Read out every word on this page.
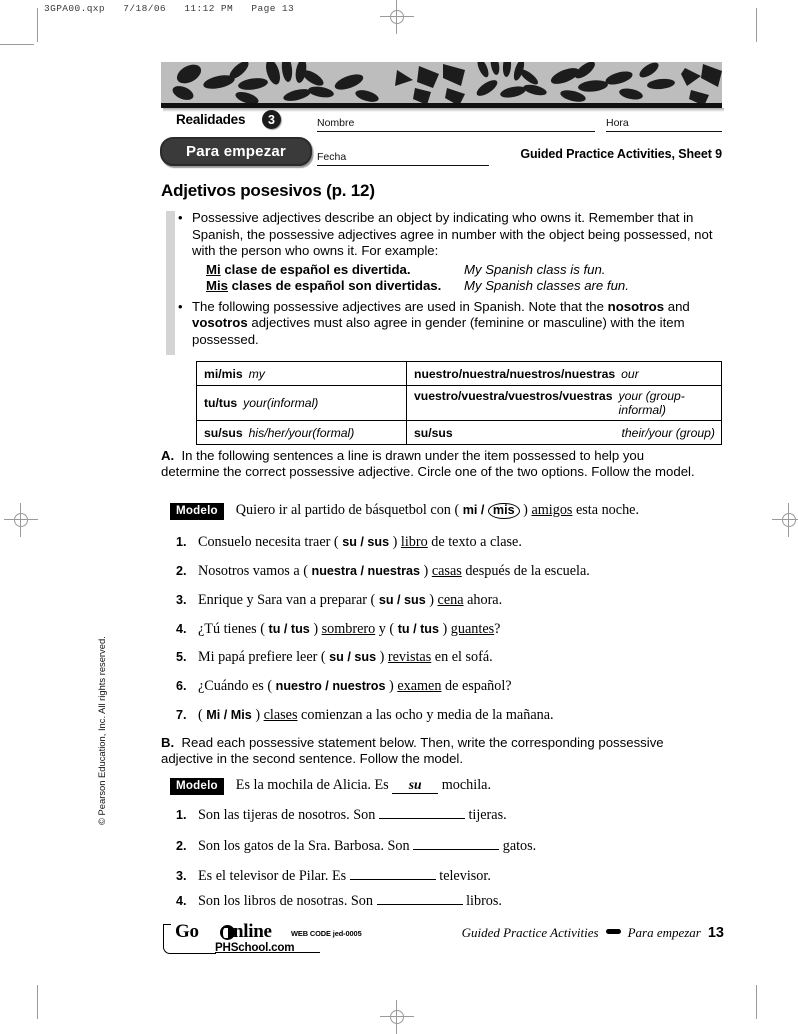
3GPA00.qxp   7/18/06   11:12 PM   Page 13
Realidades	3
Para empezar
Nombre	Hora
Fecha	Guided Practice Activities, Sheet 9
Adjetivos posesivos (p. 12)
• Possessive adjectives describe an object by indicating who owns it. Remember that in Spanish, the possessive adjectives agree in number with the object being possessed, not with the person who owns it. For example:
Mi clase de español es divertida.	My Spanish class is fun.
Mis clases de español son divertidas.	My Spanish classes are fun.
• The following possessive adjectives are used in Spanish. Note that the nosotros and vosotros adjectives must also agree in gender (feminine or masculine) with the item possessed.
mi/mis my	nuestro/nuestra/nuestros/nuestras our
tu/tus your(informal)	vuestro/vuestra/vuestros/vuestras your (group-informal)

su/sus his/her/your(formal)	su/sus their/your (group)
A. In the following sentences a line is drawn under the item possessed to help you determine the correct possessive adjective. Circle one of the two options. Follow the model.
Modelo	Quiero ir al partido de básquetbol con ( mi / mis ) amigos esta noche.
1. Consuelo necesita traer ( su / sus ) libro de texto a clase.
2. Nosotros vamos a ( nuestra / nuestras ) casas después de la escuela.
3. Enrique y Sara van a preparar ( su / sus ) cena ahora.
4. ¿Tú tienes ( tu / tus ) sombrero y ( tu / tus ) guantes?
5. Mi papá prefiere leer ( su / sus ) revistas en el sofá.
6. ¿Cuándo es ( nuestro / nuestros ) examen de español?
7. ( Mi / Mis ) clases comienzan a las ocho y media de la mañana.
B. Read each possessive statement below. Then, write the corresponding possessive adjective in the second sentence. Follow the model.
Modelo	Es la mochila de Alicia. Es su mochila.
1. Son las tijeras de nosotros. Son	tijeras.
2. Son los gatos de la Sra. Barbosa. Son	gatos.
3. Es el televisor de Pilar. Es	televisor.
4. Son los libros de nosotras. Son	libros.
© Pearson Education, Inc. All rights reserved.
Go nline	WEB CODE jed-0005
PHSchool.com
Guided Practice Activities Para empezar 13
